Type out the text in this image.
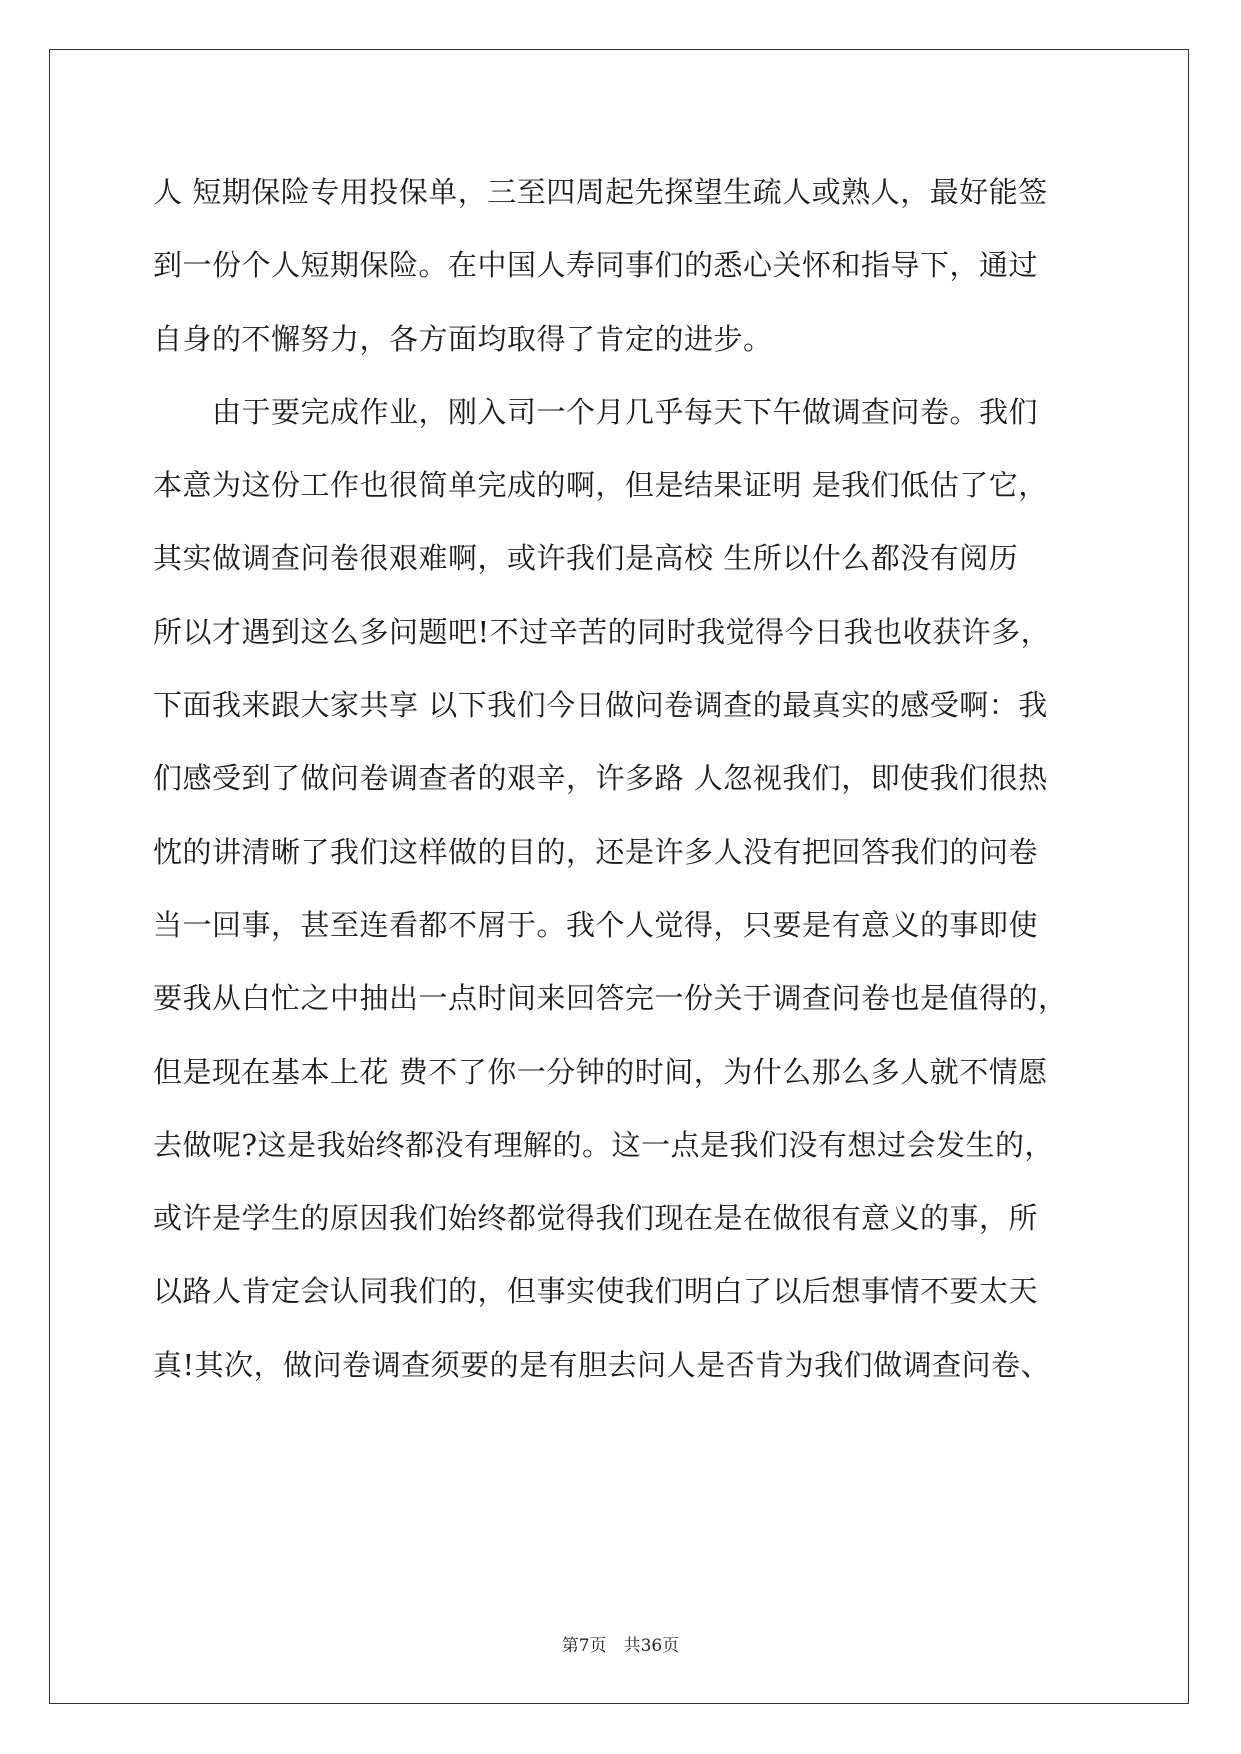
人 短期保险专用投保单，三至四周起先探望生疏人或熟人，最好能签
到一份个人短期保险。在中国人寿同事们的悉心关怀和指导下，通过
自身的不懈努力，各方面均取得了肯定的进步。
　　由于要完成作业，刚入司一个月几乎每天下午做调查问卷。我们
本意为这份工作也很简单完成的啊，但是结果证明 是我们低估了它，
其实做调查问卷很艰难啊，或许我们是高校 生所以什么都没有阅历
所以才遇到这么多问题吧!不过辛苦的同时我觉得今日我也收获许多，
下面我来跟大家共享 以下我们今日做问卷调查的最真实的感受啊：我
们感受到了做问卷调查者的艰辛，许多路 人忽视我们，即使我们很热
忱的讲清晰了我们这样做的目的，还是许多人没有把回答我们的问卷
当一回事，甚至连看都不屑于。我个人觉得，只要是有意义的事即使
要我从白忙之中抽出一点时间来回答完一份关于调查问卷也是值得的，
但是现在基本上花 费不了你一分钟的时间，为什么那么多人就不情愿
去做呢?这是我始终都没有理解的。这一点是我们没有想过会发生的，
或许是学生的原因我们始终都觉得我们现在是在做很有意义的事，所
以路人肯定会认同我们的，但事实使我们明白了以后想事情不要太天
真!其次，做问卷调查须要的是有胆去问人是否肯为我们做调查问卷、
第7页　共36页
